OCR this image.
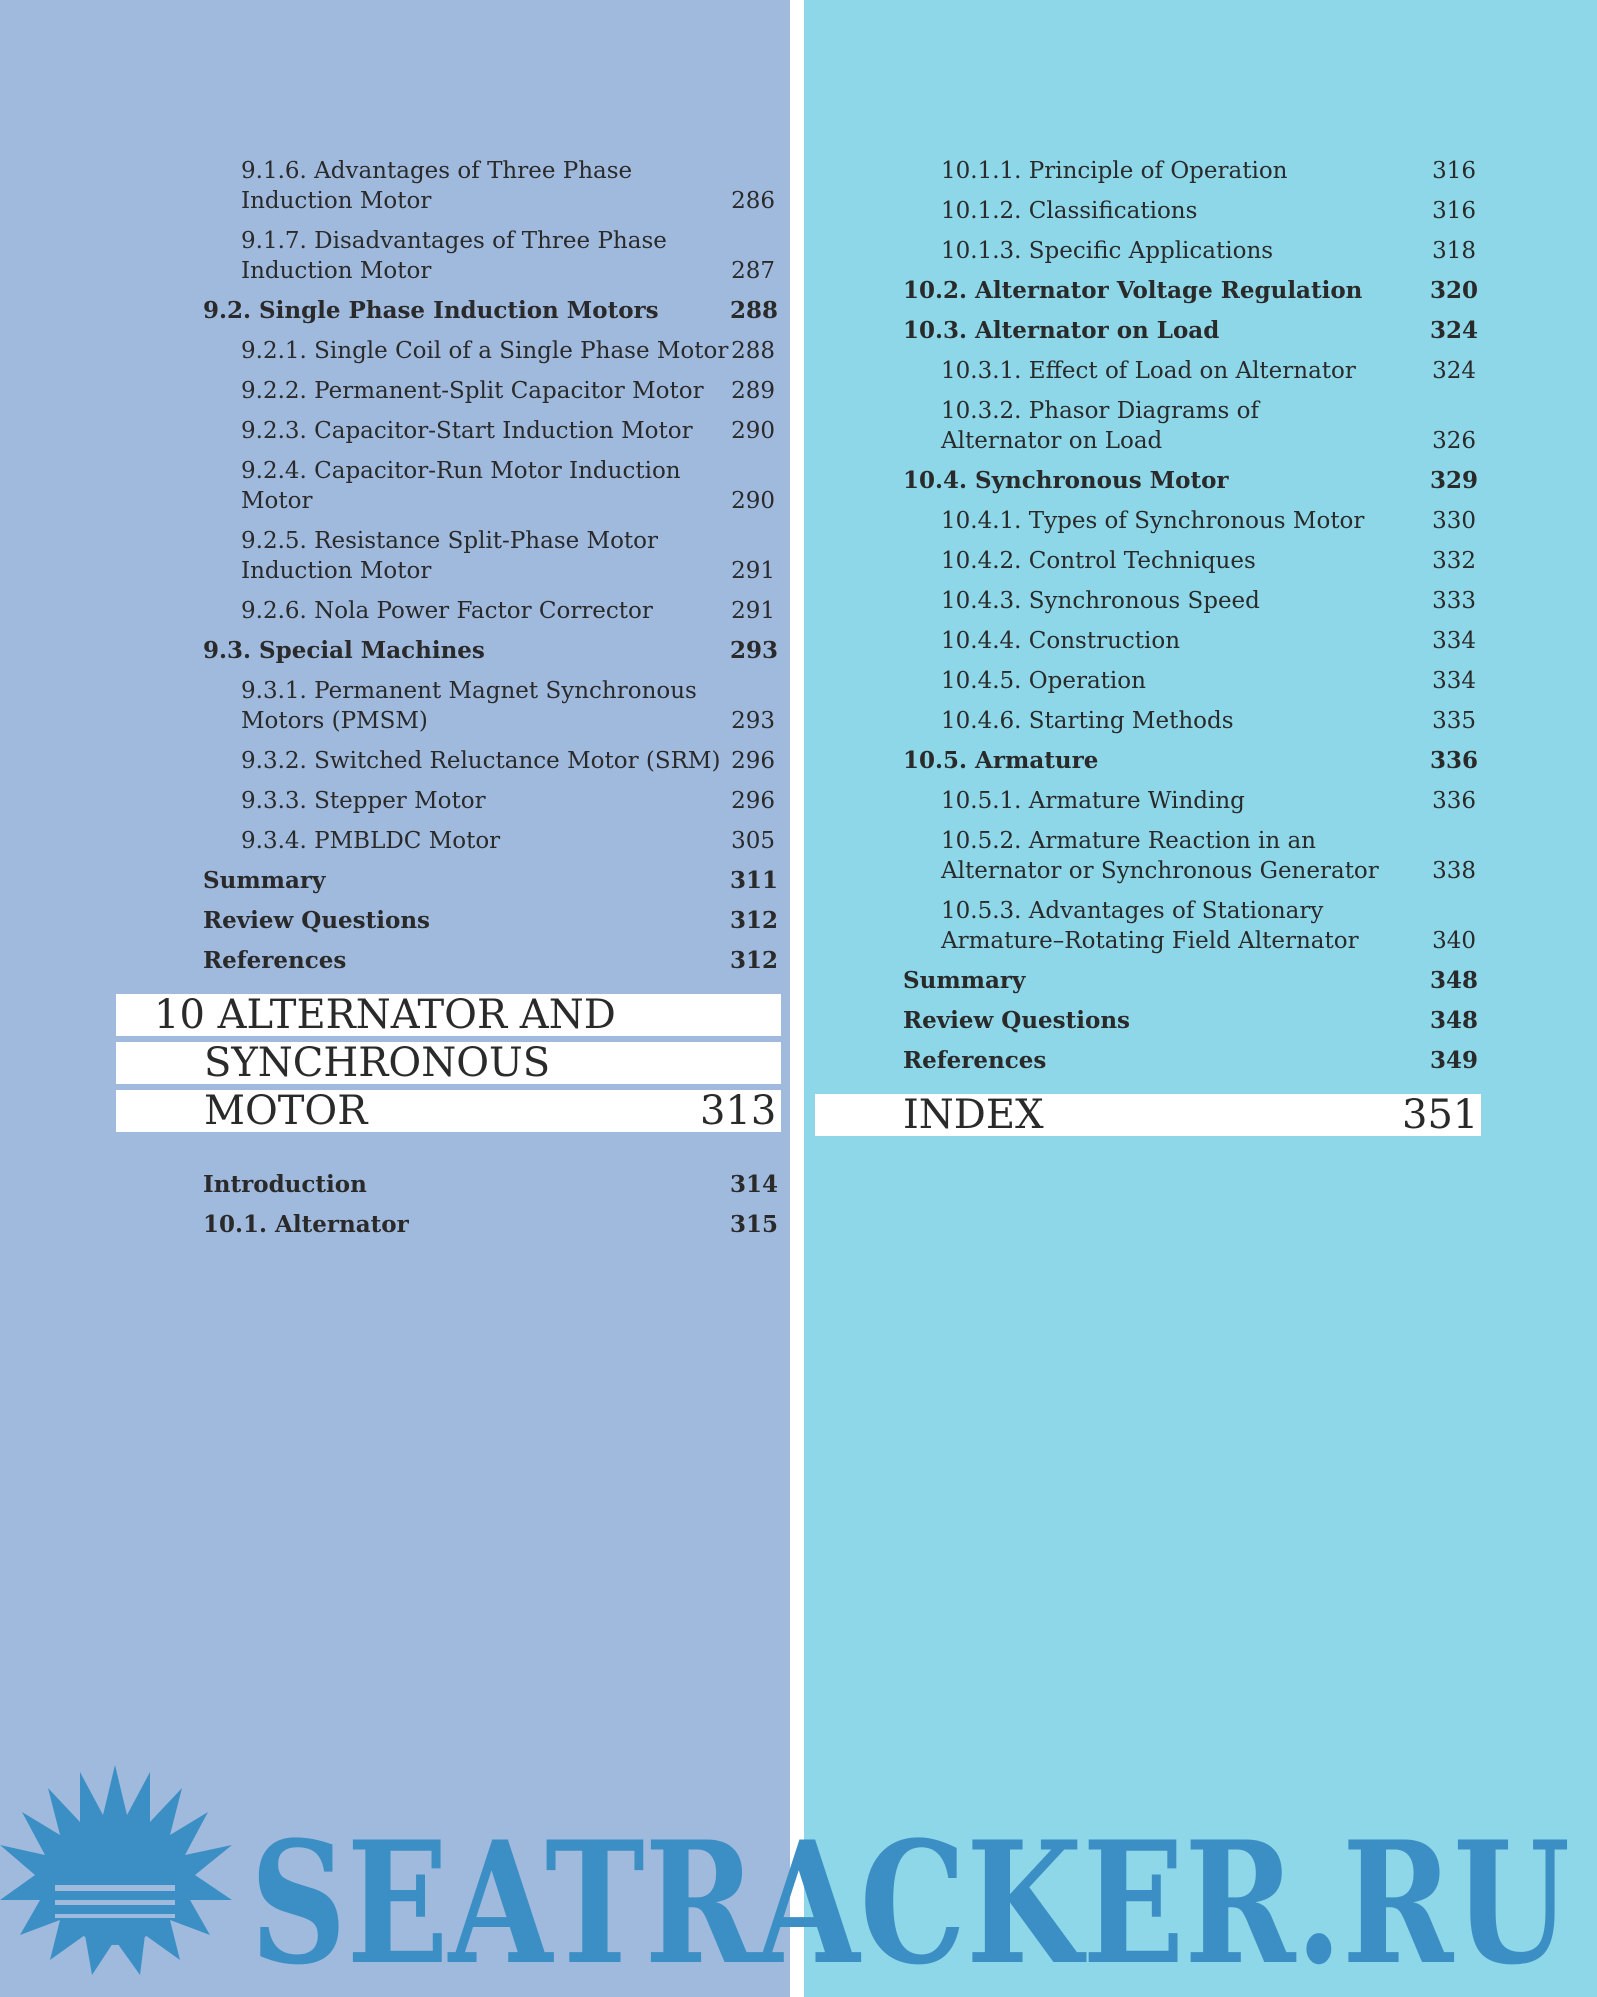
9.1.6. Advantages of Three Phase
Induction Motor	286
9.1.7. Disadvantages of Three Phase
Induction Motor	287
9.2. Single Phase Induction Motors	288
9.2.1. Single Coil of a Single Phase Motor 288
9.2.2. Permanent-Split Capacitor Motor 289
9.2.3. Capacitor-Start Induction Motor 290
9.2.4. Capacitor-Run Motor Induction
Motor	290
9.2.5. Resistance Split-Phase Motor
Induction Motor	291
9.2.6. Nola Power Factor Corrector	291
9.3. Special Machines	293
9.3.1. Permanent Magnet Synchronous
Motors (PMSM)	293
9.3.2. Switched Reluctance Motor (SRM) 296
9.3.3. Stepper Motor	296
9.3.4. PMBLDC Motor	305
Summary	311
Review Questions	312
References	312
10 ALTERNATOR AND
SYNCHRONOUS
MOTOR	313
Introduction	314
10.1. Alternator	315
10.1.1. Principle of Operation	316
10.1.2. Classifications	316
10.1.3. Specific Applications	318
10.2. Alternator Voltage Regulation	320
10.3. Alternator on Load	324
10.3.1. Effect of Load on Alternator	324
10.3.2. Phasor Diagrams of
Alternator on Load	326
10.4. Synchronous Motor	329
10.4.1. Types of Synchronous Motor	330
10.4.2. Control Techniques	332
10.4.3. Synchronous Speed	333
10.4.4. Construction	334
10.4.5. Operation	334
10.4.6. Starting Methods	335
10.5. Armature	336
10.5.1. Armature Winding	336
10.5.2. Armature Reaction in an
Alternator or Synchronous Generator 338
10.5.3. Advantages of Stationary
Armature–Rotating Field Alternator	340
Summary	348
Review Questions	348
References	349
INDEX	351
SEATRACKER.RU
